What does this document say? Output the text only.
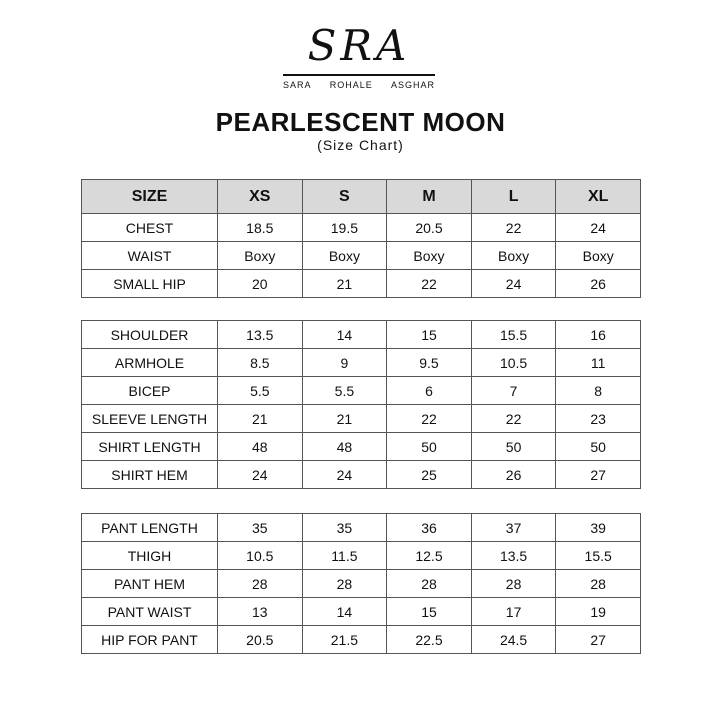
SRA
SARA ROHALE ASGHAR
PEARLESCENT MOON
(Size Chart)
SIZE	XS	S	M	L	XL
CHEST	18.5	19.5	20.5	22	24
WAIST	Boxy	Boxy	Boxy	Boxy	Boxy
SMALL HIP	20	21	22	24	26
SHOULDER	13.5	14	15	15.5	16
ARMHOLE	8.5	9	9.5	10.5	11
BICEP	5.5	5.5	6	7	8
SLEEVE LENGTH	21	21	22	22	23
SHIRT LENGTH	48	48	50	50	50
SHIRT HEM	24	24	25	26	27
PANT LENGTH	35	35	36	37	39
THIGH	10.5	11.5	12.5	13.5	15.5
PANT HEM	28	28	28	28	28
PANT WAIST	13	14	15	17	19
HIP FOR PANT	20.5	21.5	22.5	24.5	27
